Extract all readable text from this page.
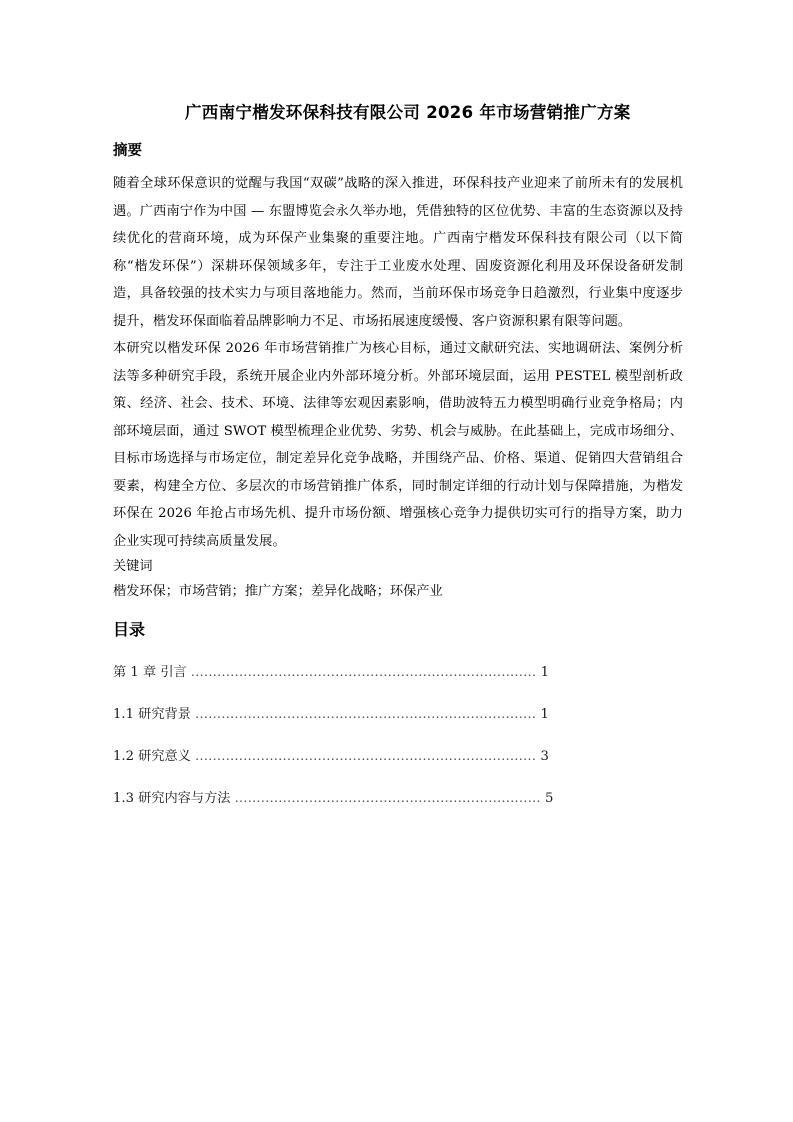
广西南宁楷发环保科技有限公司 2026 年市场营销推广方案
摘要

随着全球环保意识的觉醒与我国“双碳”战略的深入推进，环保科技产业迎来了前所未有的发展机遇。广西南宁作为中国 — 东盟博览会永久举办地，凭借独特的区位优势、丰富的生态资源以及持续优化的营商环境，成为环保产业集聚的重要注地。广西南宁楷发环保科技有限公司（以下简称“楷发环保”）深耕环保领域多年，专注于工业废水处理、固废资源化利用及环保设备研发制造，具备较强的技术实力与项目落地能力。然而，当前环保市场竞争日趋激烈，行业集中度逐步提升，楷发环保面临着品牌影响力不足、市场拓展速度缓慢、客户资源积累有限等问题。

本研究以楷发环保 2026 年市场营销推广为核心目标，通过文献研究法、实地调研法、案例分析法等多种研究手段，系统开展企业内外部环境分析。外部环境层面，运用 PESTEL 模型剖析政策、经济、社会、技术、环境、法律等宏观因素影响，借助波特五力模型明确行业竞争格局；内部环境层面，通过 SWOT 模型梳理企业优势、劣势、机会与威胁。在此基础上，完成市场细分、目标市场选择与市场定位，制定差异化竞争战略，并围绕产品、价格、渠道、促销四大营销组合要素，构建全方位、多层次的市场营销推广体系，同时制定详细的行动计划与保障措施，为楷发环保在 2026 年抢占市场先机、提升市场份额、增强核心竞争力提供切实可行的指导方案，助力企业实现可持续高质量发展。

关键词

楷发环保；市场营销；推广方案；差异化战略；环保产业

目录
第 1 章 引言 ............................................................................... 1
1.1 研究背景 .............................................................................. 1
1.2 研究意义 .............................................................................. 3
1.3 研究内容与方法 ...................................................................... 5
